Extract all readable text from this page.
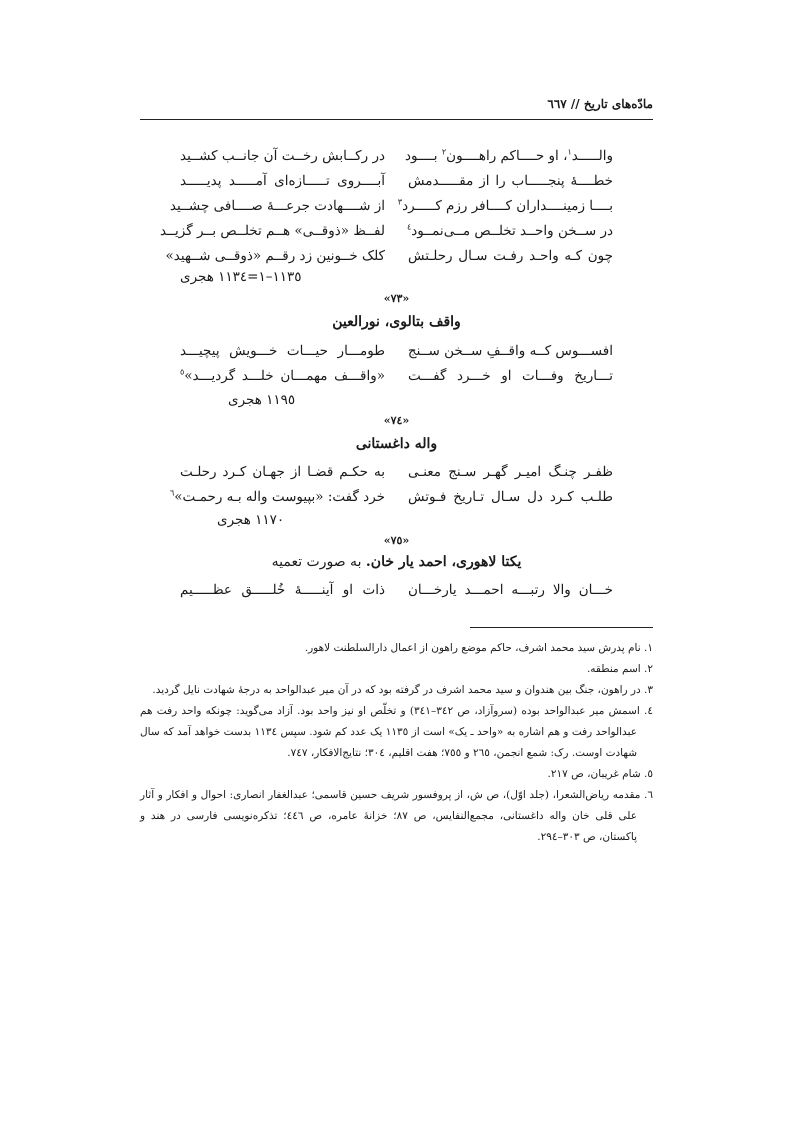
مادّه‌های تاریخ // ٦٦٧
والـــــد$^١$، او حــــاکم راهــــون$^٢$ بــــود
در رکــابش رخــت آن جانــب کشــید
خطــــهٔ پنجـــــاب را از مقـــــدمش
آبــــروی تـــــازه‌ای آمـــــد پدیـــــد
بــــا زمینــــداران کــــافر رزم کـــــرد$^٣$
از شــــهادت جرعـــهٔ صــــافی چشــید
در ســخن واحــد تخلــص مــی‌نمــود$^٤$
لفــظ «ذوقــی» هــم تخلــص بــر گزیــد
چون کـه واحـد رفـت سـال رحلـتش
کلک خــونین زد رقــم «ذوقــی شــهید»
١١٣٥–١=١١٣٤ هجری
«٧٣»
واقف بتالوی، نورالعین
افســـوس کــه واقــفِ ســخن ســنج
طومـــار حیـــات خـــویش پیچیـــد
تـــاریخ وفـــات او خـــرد گفـــت
«واقـــف مهمـــان خلـــد گردیـــد»$^٥$
١١٩٥ هجری
«٧٤»
واله داغستانی
ظفـر چنـگ امیـر گهـر سـنج معنـی
به حکـم قضـا از جهـان کـرد رحلـت
طلـب کـرد دل سـال تـاریخ فـوتش
خرد گفت: «بپیوست واله بـه رحمـت»$^٦$
١١٧٠ هجری
«٧٥»
یکتا لاهوری، احمد یار خان. به صورت تعمیه
خـــان والا رتبـــه احمـــد یارخـــان
ذات او آینـــــهٔ خُلـــــق عظـــــیم

١. نام پدرش سید محمد اشرف، حاکم موضع راهون از اعمال دارالسلطنت لاهور.

٢. اسم منطقه.

٣. در راهون، جنگ بین هندوان و سید محمد اشرف در گرفته بود که در آن میر عبدالواحد به درجهٔ شهادت نایل گردید.

٤. اسمش میر عبدالواحد بوده (سروآزاد، ص ٣٤٢–٣٤١) و تخلّص او نیز واحد بود. آزاد می‌گوید: چونکه واحد رفت هم عبدالواحد رفت و هم اشاره به «واحد ـ یک» است از ١١٣٥ یک عدد کم شود. سپس ١١٣٤ بدست خواهد آمد که سال شهادت اوست. رک: شمع انجمن، ٢٦٥ و ٧٥٥؛ هفت اقلیم، ٣٠٤؛ نتایج‌الافکار، ٧٤٧.

٥. شام غریبان، ص ٢١٧.

٦. مقدمه ریاض‌الشعرا، (جلد اوّل)، ص ش، از پروفسور شریف حسین قاسمی؛ عبدالغفار انصاری: احوال و افکار و آثار علی قلی خان واله داغستانی، مجمع‌النفایس، ص ٨٧؛ خزانهٔ عامره، ص ٤٤٦؛ تذکره‌نویسی فارسی در هند و پاکستان، ص ٣٠٣–٢٩٤.
